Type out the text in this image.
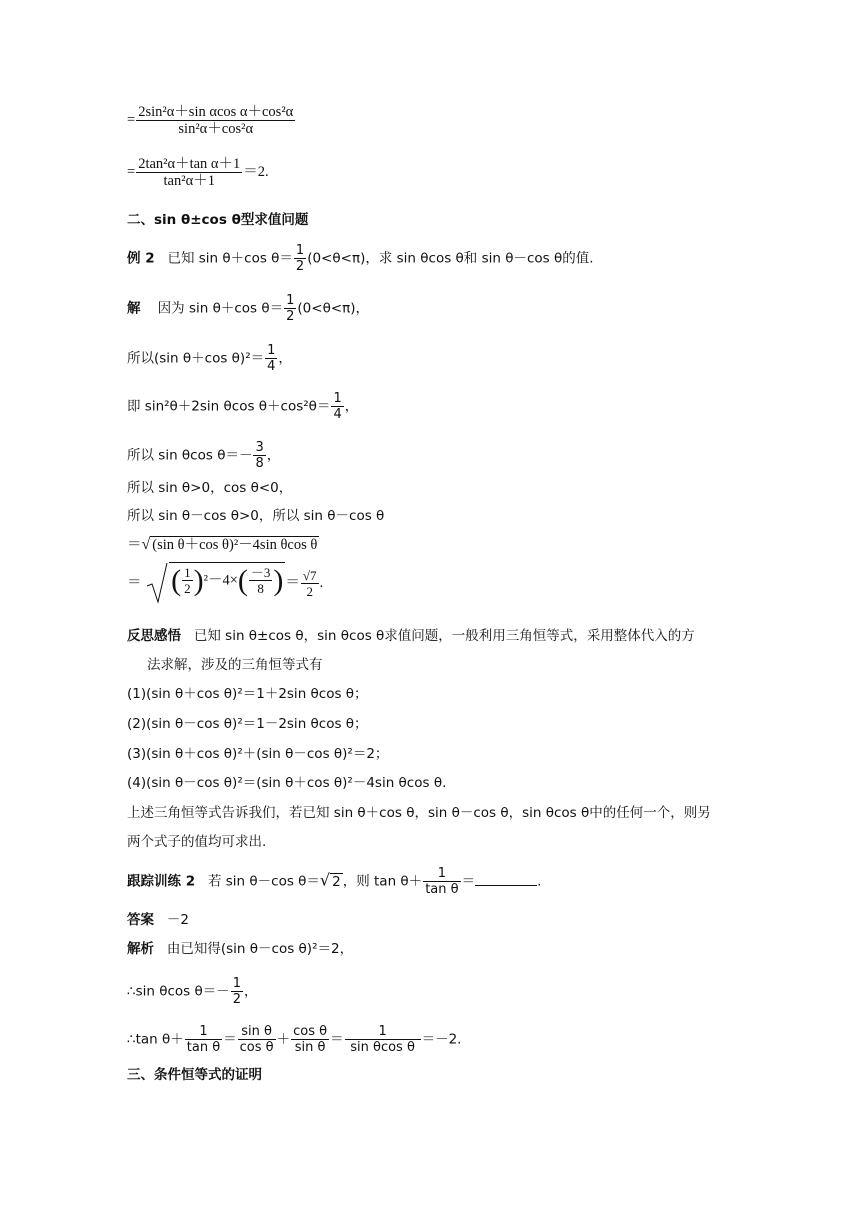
= $\frac{\text{2sin²α＋sin αcos α＋cos²α}}{\text{sin²α＋cos²α}}$
= $\frac{\text{2tan²α＋tan α＋1}}{\text{tan²α＋1}} =2$.
二、sin θ±cos θ型求值问题
例 2 已知 sin θ＋cos $\theta= \frac{1}{2} (0<\theta<\pi)$，求 sin θcos θ和 sin θ－cos θ的值.
解 因为 sin θ＋cos $\theta= \frac{1}{2} (0<\theta<\pi)$，
所以(sin θ＋cos $\theta)^2= \frac{1}{4}$ ，
即 sin²θ＋2sin θcos $\theta+\cos^2\theta= \frac{1}{4}$ ，
所以 sin θcos $\theta=- \frac{3}{8}$ ，
所以 sin θ>0，cos θ<0，
所以 sin θ－cos θ>0，所以 sin θ－cos θ
＝√ (sin θ＋cos θ)²－4sin θcos θ
＝ ( $\frac{1}{2} )^2-4\times( \frac{-3}{8}$ ) ＝ $\frac{√7}{2}$ .
反思感悟 已知 sin θ±cos θ，sin θcos θ求值问题，一般利用三角恒等式，采用整体代入的方
法求解，涉及的三角恒等式有
(1)(sin θ＋cos θ)²＝1＋2sin θcos θ；
(2)(sin θ－cos θ)²＝1－2sin θcos θ；
(3)(sin θ＋cos θ)²＋(sin θ－cos θ)²＝2；
(4)(sin θ－cos θ)²＝(sin θ＋cos θ)²－4sin θcos θ.
上述三角恒等式告诉我们，若已知 sin θ＋cos θ，sin θ－cos θ，sin θcos θ中的任何一个，则另
两个式子的值均可求出.
跟踪训练 2 若 sin θ－cos θ＝√ 2 ，则 $\tan \theta+ \frac{1}{\text{tan θ}}$ ＝	.
答案 －2
解析 由已知得(sin θ－cos θ)²＝2，
∴sin θcos $\theta=- \frac{1}{2}$ ，
∴tan $\theta+ \frac{1}{\text{tan θ}} = \frac{\text{sin θ}}{\text{cos θ}} + \frac{\text{cos θ}}{\text{sin θ}} = \frac{1}{\text{sin θcos θ}} =-2$.
三、条件恒等式的证明
